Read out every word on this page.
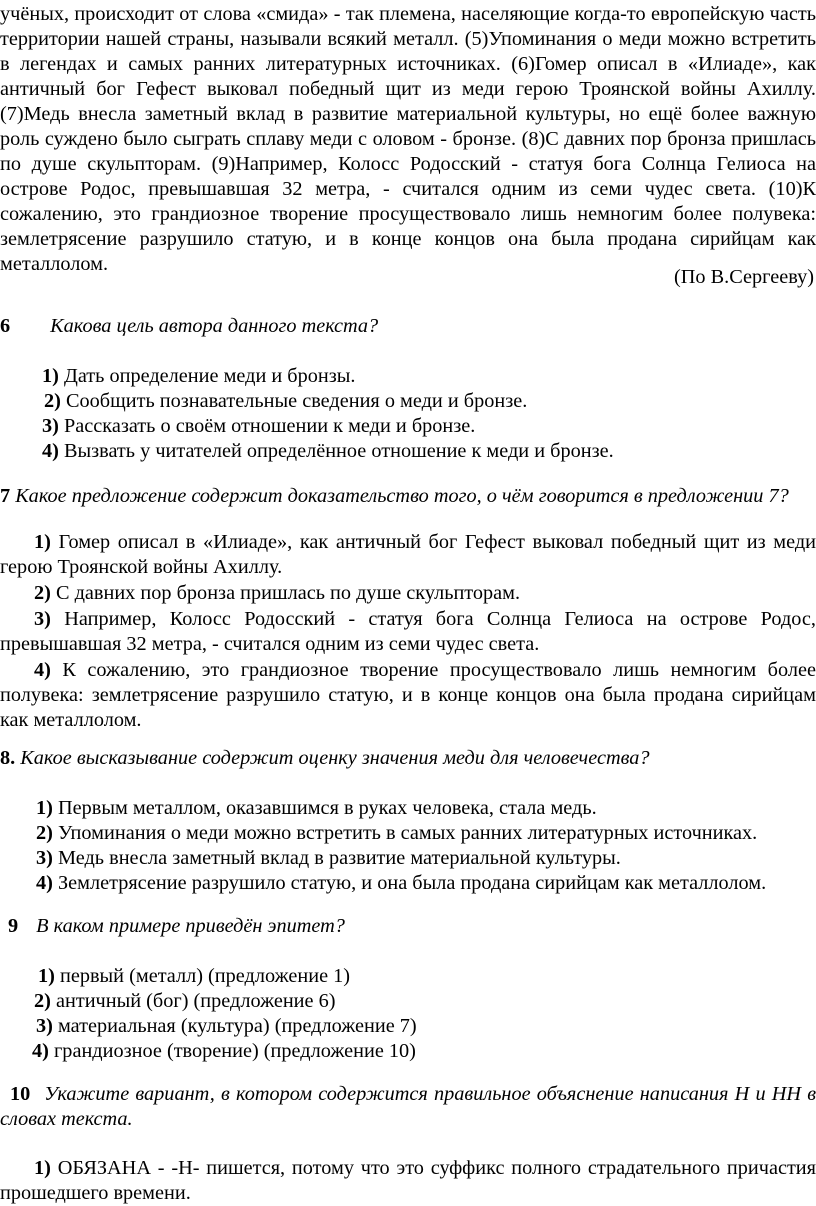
учёных, происходит от слова «смида» - так племена, населяющие когда-то европейскую часть территории нашей страны, называли всякий металл. (5)Упоминания о меди можно встретить в легендах и самых ранних литературных источниках. (6)Гомер описал в «Илиаде», как античный бог Гефест выковал победный щит из меди герою Троянской войны Ахиллу. (7)Медь внесла заметный вклад в развитие материальной культуры, но ещё более важную роль суждено было сыграть сплаву меди с оловом - бронзе. (8)С давних пор бронза пришлась по душе скульпторам. (9)Например, Колосс Родосский - статуя бога Солнца Гелиоса на острове Родос, превышавшая 32 метра, - считался одним из семи чудес света. (10)К сожалению, это грандиозное творение просуществовало лишь немногим более полувека: землетрясение разрушило статую, и в конце концов она была продана сирийцам как металлолом.

(По В.Сергееву)

6 Какова цель автора данного текста?

1) Дать определение меди и бронзы.

2) Сообщить познавательные сведения о меди и бронзе.

3) Рассказать о своём отношении к меди и бронзе.

4) Вызвать у читателей определённое отношение к меди и бронзе.

7 Какое предложение содержит доказательство того, о чём говорится в предложении 7?

1) Гомер описал в «Илиаде», как античный бог Гефест выковал победный щит из меди герою Троянской войны Ахиллу.

2) С давних пор бронза пришлась по душе скульпторам.

3) Например, Колосс Родосский - статуя бога Солнца Гелиоса на острове Родос, превышавшая 32 метра, - считался одним из семи чудес света.

4) К сожалению, это грандиозное творение просуществовало лишь немногим более полувека: землетрясение разрушило статую, и в конце концов она была продана сирийцам как металлолом.

8. Какое высказывание содержит оценку значения меди для человечества?

1) Первым металлом, оказавшимся в руках человека, стала медь.

2) Упоминания о меди можно встретить в самых ранних литературных источниках.

3) Медь внесла заметный вклад в развитие материальной культуры.

4) Землетрясение разрушило статую, и она была продана сирийцам как металлолом.

9 В каком примере приведён эпитет?

1) первый (металл) (предложение 1)

2) античный (бог) (предложение 6)

3) материальная (культура) (предложение 7)

4) грандиозное (творение) (предложение 10)

10 Укажите вариант, в котором содержится правильное объяснение написания Н и НН в словах текста.

1) ОБЯЗАНА - -Н- пишется, потому что это суффикс полного страдательного причастия прошедшего времени.
